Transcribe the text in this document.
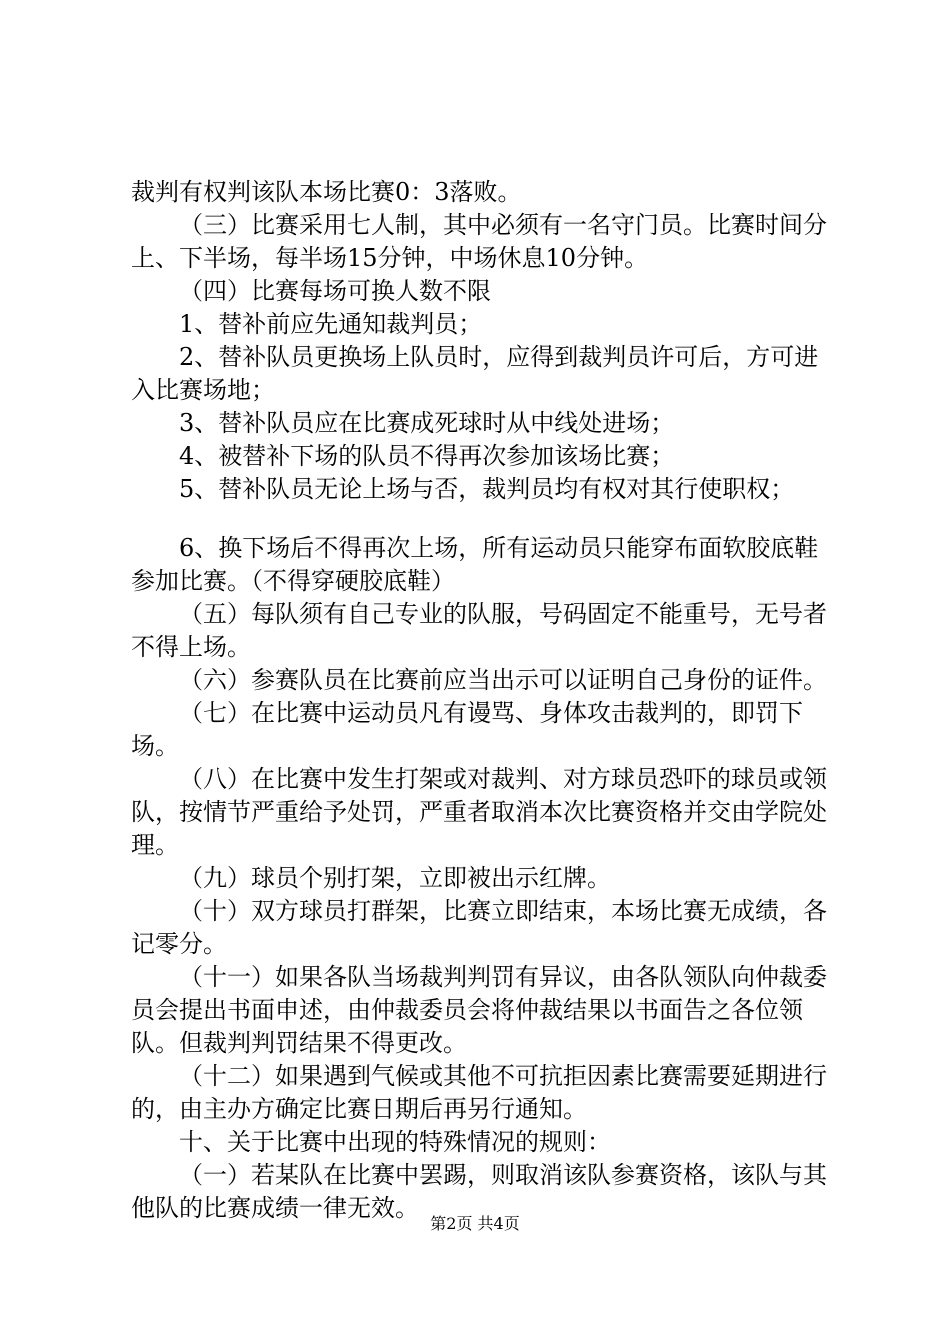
裁判有权判该队本场比赛0：3落败。

（三）比赛采用七人制，其中必须有一名守门员。比赛时间分上、下半场，每半场15分钟，中场休息10分钟。

（四）比赛每场可换人数不限

1、替补前应先通知裁判员；

2、替补队员更换场上队员时，应得到裁判员许可后，方可进入比赛场地；

3、替补队员应在比赛成死球时从中线处进场；

4、被替补下场的队员不得再次参加该场比赛；

5、替补队员无论上场与否，裁判员均有权对其行使职权；

6、换下场后不得再次上场，所有运动员只能穿布面软胶底鞋参加比赛。（不得穿硬胶底鞋）

（五）每队须有自己专业的队服，号码固定不能重号，无号者不得上场。

（六）参赛队员在比赛前应当出示可以证明自己身份的证件。

（七）在比赛中运动员凡有谩骂、身体攻击裁判的，即罚下场。

（八）在比赛中发生打架或对裁判、对方球员恐吓的球员或领队，按情节严重给予处罚，严重者取消本次比赛资格并交由学院处理。

（九）球员个别打架，立即被出示红牌。

（十）双方球员打群架，比赛立即结束，本场比赛无成绩，各记零分。

（十一）如果各队当场裁判判罚有异议，由各队领队向仲裁委员会提出书面申述，由仲裁委员会将仲裁结果以书面告之各位领队。但裁判判罚结果不得更改。

（十二）如果遇到气候或其他不可抗拒因素比赛需要延期进行的，由主办方确定比赛日期后再另行通知。

十、关于比赛中出现的特殊情况的规则：

（一）若某队在比赛中罢踢，则取消该队参赛资格，该队与其他队的比赛成绩一律无效。

第2页 共4页
